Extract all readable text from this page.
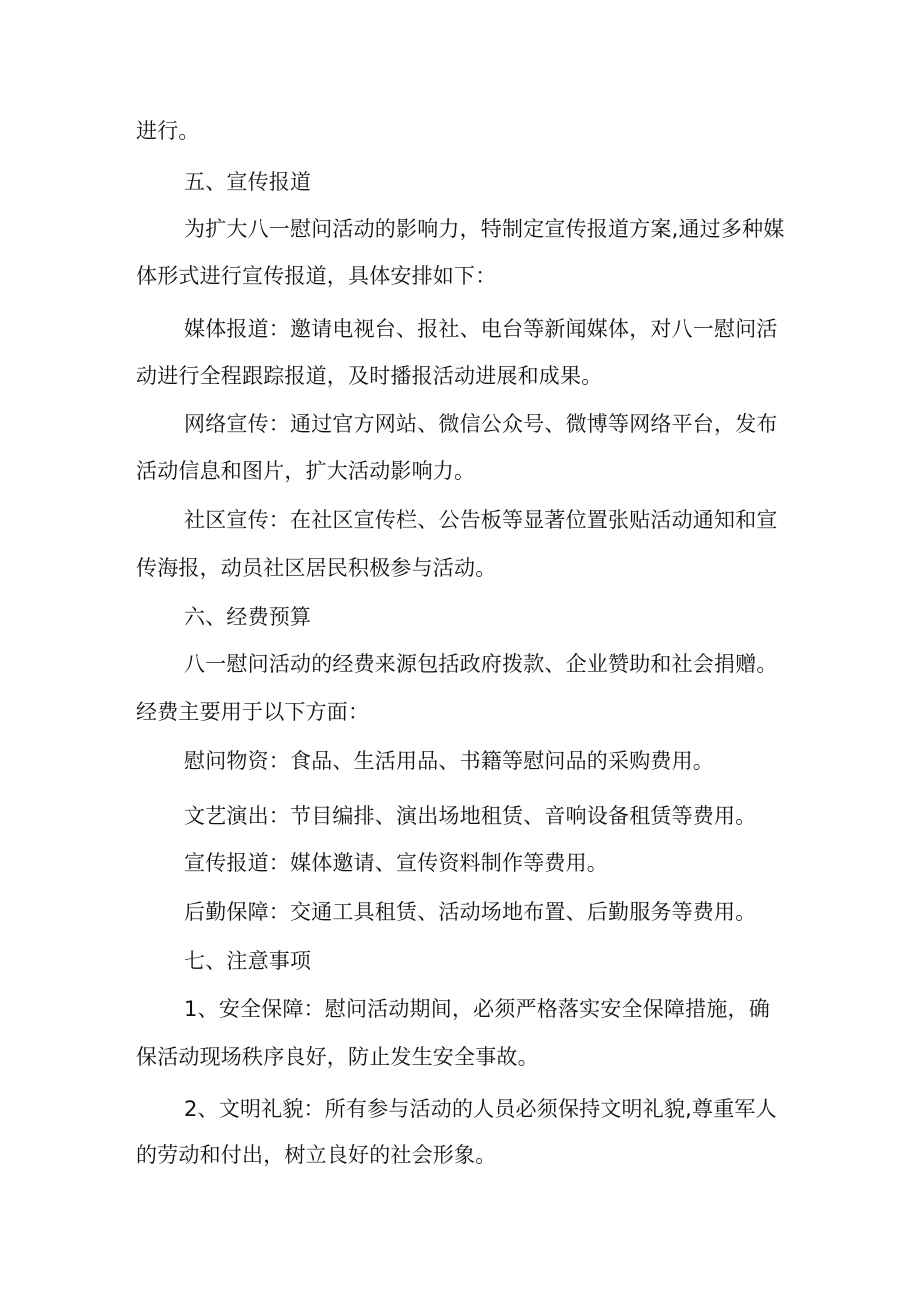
进行。
五、宣传报道
为扩大八一慰问活动的影响力，特制定宣传报道方案,通过多种媒
体形式进行宣传报道，具体安排如下：
媒体报道：邀请电视台、报社、电台等新闻媒体，对八一慰问活
动进行全程跟踪报道，及时播报活动进展和成果。
网络宣传：通过官方网站、微信公众号、微博等网络平台，发布
活动信息和图片，扩大活动影响力。
社区宣传：在社区宣传栏、公告板等显著位置张贴活动通知和宣
传海报，动员社区居民积极参与活动。
六、经费预算
八一慰问活动的经费来源包括政府拨款、企业赞助和社会捐赠。
经费主要用于以下方面：
慰问物资：食品、生活用品、书籍等慰问品的采购费用。
文艺演出：节目编排、演出场地租赁、音响设备租赁等费用。
宣传报道：媒体邀请、宣传资料制作等费用。
后勤保障：交通工具租赁、活动场地布置、后勤服务等费用。
七、注意事项
1、安全保障：慰问活动期间，必须严格落实安全保障措施，确
保活动现场秩序良好，防止发生安全事故。
2、文明礼貌：所有参与活动的人员必须保持文明礼貌,尊重军人
的劳动和付出，树立良好的社会形象。
